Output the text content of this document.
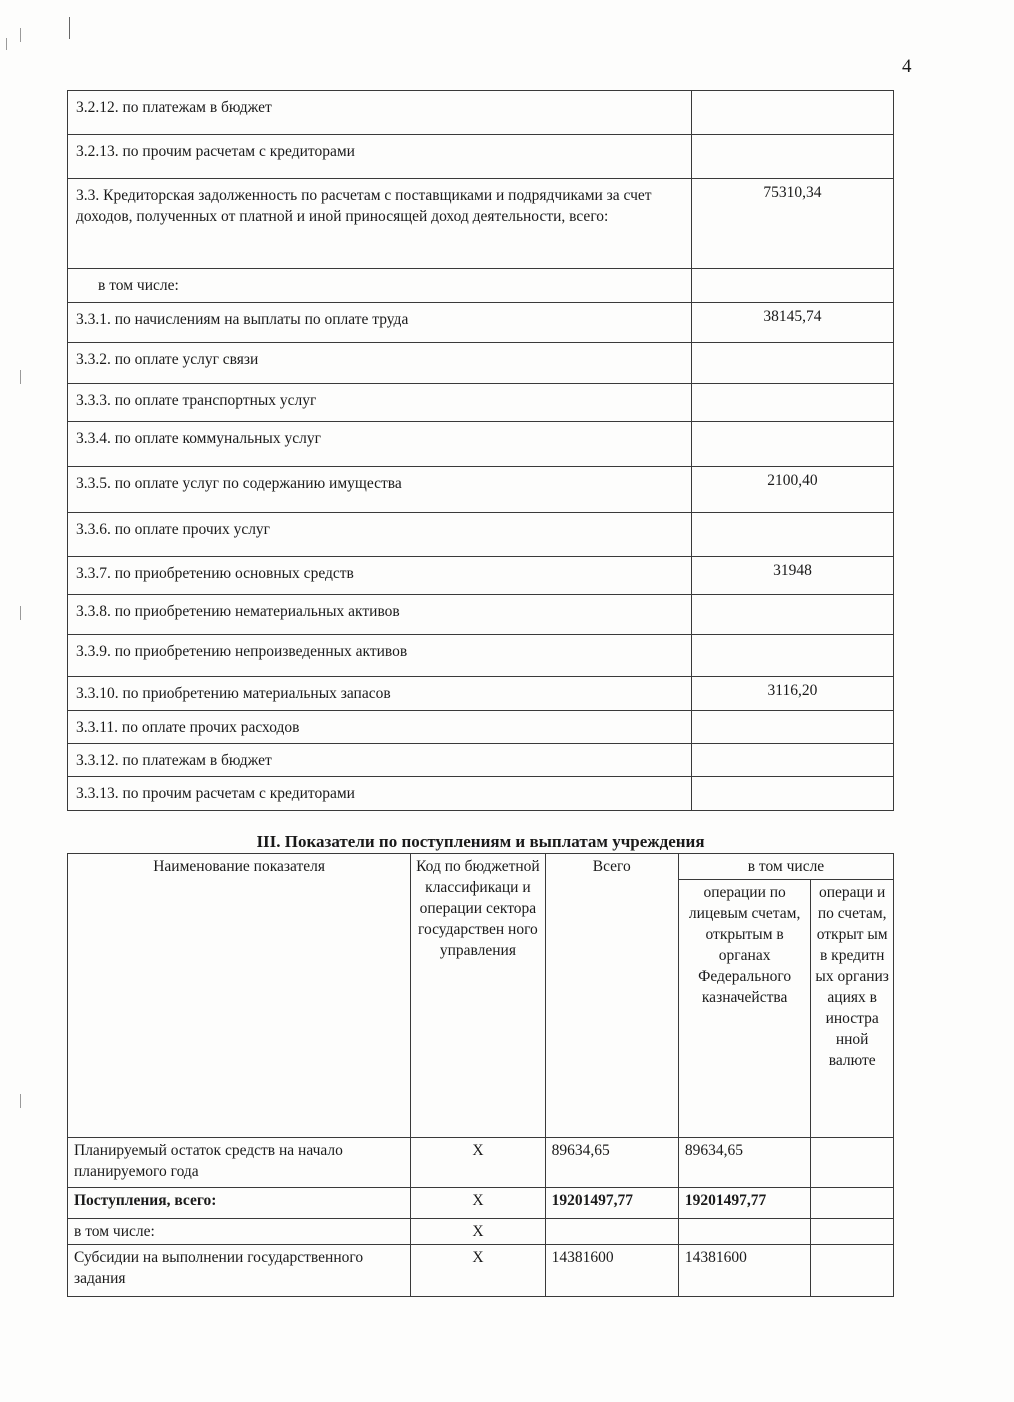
4
3.2.12. по платежам в бюджет	
3.2.13. по прочим расчетам с кредиторами	
3.3. Кредиторская задолженность по расчетам с поставщиками и подрядчиками за счет доходов, полученных от платной и иной приносящей доход деятельности, всего:	75310,34
в том числе:	
3.3.1. по начислениям на выплаты по оплате труда	38145,74
3.3.2. по оплате услуг связи	
3.3.3. по оплате транспортных услуг	
3.3.4. по оплате коммунальных услуг	
3.3.5. по оплате услуг по содержанию имущества	2100,40
3.3.6. по оплате прочих услуг	
3.3.7. по приобретению основных средств	31948
3.3.8. по приобретению нематериальных активов	
3.3.9. по приобретению непроизведенных активов	
3.3.10. по приобретению материальных запасов	3116,20
3.3.11. по оплате прочих расходов	
3.3.12. по платежам в бюджет	
3.3.13. по прочим расчетам с кредиторами	
III. Показатели по поступлениям и выплатам учреждения
Наименование показателя	Код по бюджетной классификаци и операции сектора государствен ного управления	Всего	в том числе	
			операции по лицевым счетам, открытым в органах Федерального казначейства	операци и по счетам, открыт ым в кредитн ых организ ациях в иностра нной валюте
Планируемый остаток средств на начало планируемого года	X	89634,65	89634,65	
Поступления, всего:	X	19201497,77	19201497,77	
в том числе:	X			
Субсидии на выполнении государственного задания	X	14381600	14381600	
